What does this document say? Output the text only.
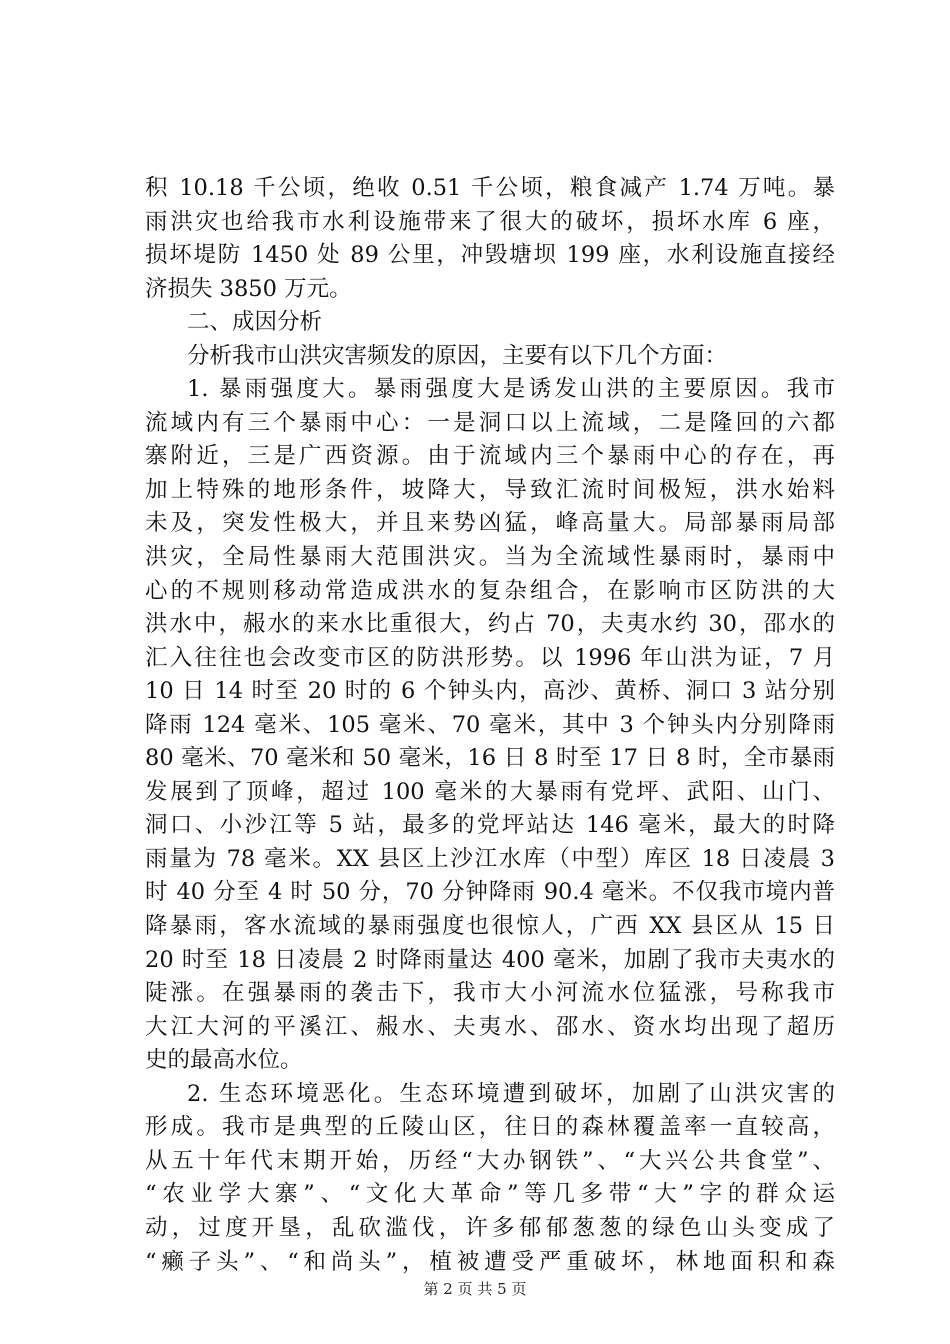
积 10.18 千公顷，绝收 0.51 千公顷，粮食减产 1.74 万吨。暴
雨洪灾也给我市水利设施带来了很大的破坏，损坏水库 6 座，
损坏堤防 1450 处 89 公里，冲毁塘坝 199 座，水利设施直接经
济损失 3850 万元。
二、成因分析
分析我市山洪灾害频发的原因，主要有以下几个方面：
1. 暴雨强度大。暴雨强度大是诱发山洪的主要原因。我市
流域内有三个暴雨中心：一是洞口以上流域，二是隆回的六都
寨附近，三是广西资源。由于流域内三个暴雨中心的存在，再
加上特殊的地形条件，坡降大，导致汇流时间极短，洪水始料
未及，突发性极大，并且来势凶猛，峰高量大。局部暴雨局部
洪灾，全局性暴雨大范围洪灾。当为全流域性暴雨时，暴雨中
心的不规则移动常造成洪水的复杂组合，在影响市区防洪的大
洪水中，赧水的来水比重很大，约占 70，夫夷水约 30，邵水的
汇入往往也会改变市区的防洪形势。以 1996 年山洪为证，7 月
10 日 14 时至 20 时的 6 个钟头内，高沙、黄桥、洞口 3 站分别
降雨 124 毫米、105 毫米、70 毫米，其中 3 个钟头内分别降雨
80 毫米、70 毫米和 50 毫米，16 日 8 时至 17 日 8 时，全市暴雨
发展到了顶峰，超过 100 毫米的大暴雨有党坪、武阳、山门、
洞口、小沙江等 5 站，最多的党坪站达 146 毫米，最大的时降
雨量为 78 毫米。XX 县区上沙江水库（中型）库区 18 日凌晨 3
时 40 分至 4 时 50 分，70 分钟降雨 90.4 毫米。不仅我市境内普
降暴雨，客水流域的暴雨强度也很惊人，广西 XX 县区从 15 日
20 时至 18 日凌晨 2 时降雨量达 400 毫米，加剧了我市夫夷水的
陡涨。在强暴雨的袭击下，我市大小河流水位猛涨，号称我市
大江大河的平溪江、赧水、夫夷水、邵水、资水均出现了超历
史的最高水位。
2. 生态环境恶化。生态环境遭到破坏，加剧了山洪灾害的
形成。我市是典型的丘陵山区，往日的森林覆盖率一直较高，
从五十年代末期开始，历经“大办钢铁”、“大兴公共食堂”、
“农业学大寨”、“文化大革命”等几多带“大”字的群众运
动，过度开垦，乱砍滥伐，许多郁郁葱葱的绿色山头变成了
“癞子头”、“和尚头”，植被遭受严重破坏，林地面积和森
第 2 页 共 5 页
